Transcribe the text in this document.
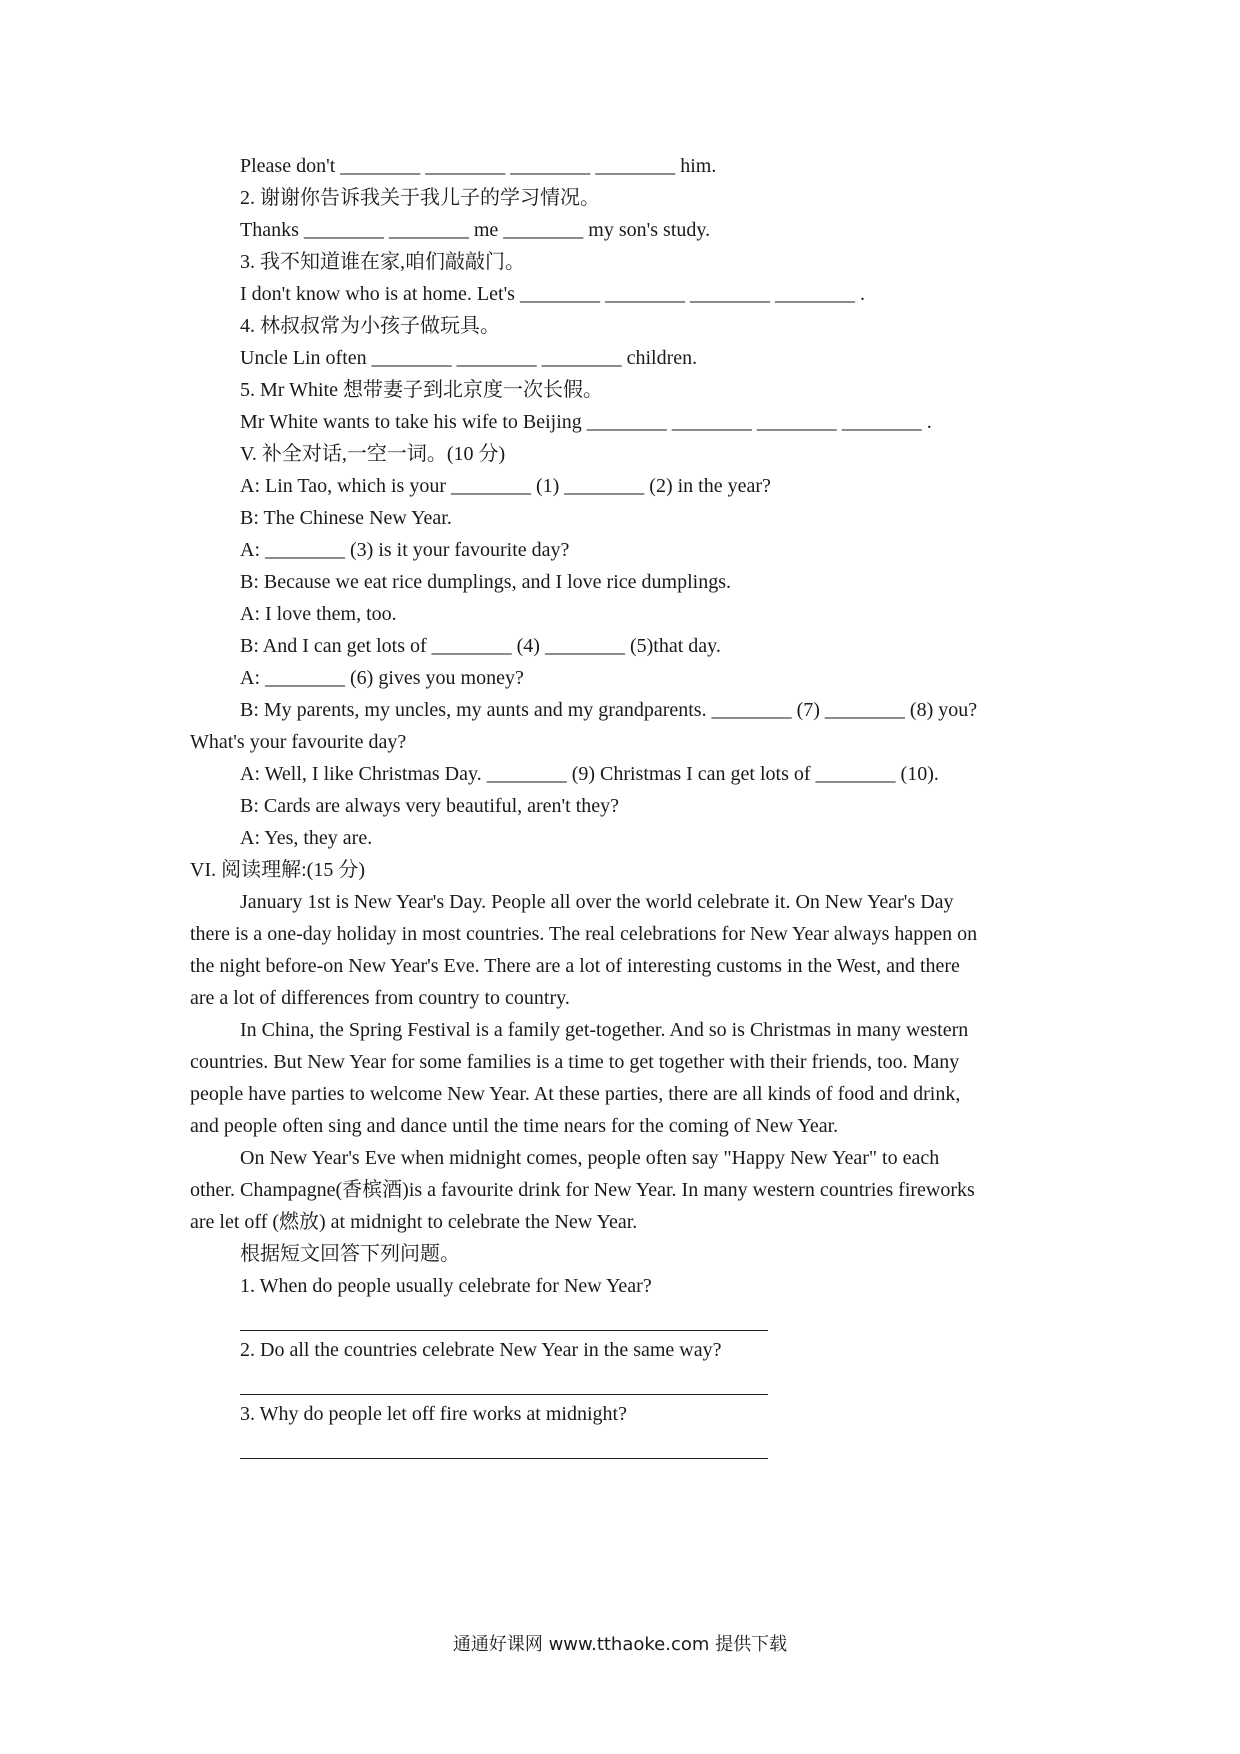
Please don't ________ ________ ________ ________ him.
2. 谢谢你告诉我关于我儿子的学习情况。
Thanks ________ ________ me ________ my son's study.
3. 我不知道谁在家,咱们敲敲门。
I don't know who is at home. Let's ________ ________ ________ ________ .
4. 林叔叔常为小孩子做玩具。
Uncle Lin often ________ ________ ________ children.
5. Mr White 想带妻子到北京度一次长假。
Mr White wants to take his wife to Beijing ________ ________ ________ ________ .
V. 补全对话,一空一词。(10 分)
A: Lin Tao, which is your ________ (1) ________ (2) in the year?
B: The Chinese New Year.
A: ________ (3) is it your favourite day?
B: Because we eat rice dumplings, and I love rice dumplings.
A: I love them, too.
B: And I can get lots of ________ (4) ________ (5)that day.
A: ________ (6) gives you money?
B: My parents, my uncles, my aunts and my grandparents. ________ (7) ________ (8) you?
What's your favourite day?
A: Well, I like Christmas Day. ________ (9) Christmas I can get lots of ________ (10).
B: Cards are always very beautiful, aren't they?
A: Yes, they are.
VI. 阅读理解:(15 分)
January 1st is New Year's Day. People all over the world celebrate it. On New Year's Day
there is a one-day holiday in most countries. The real celebrations for New Year always happen on
the night before-on New Year's Eve. There are a lot of interesting customs in the West, and there
are a lot of differences from country to country.
In China, the Spring Festival is a family get-together. And so is Christmas in many western
countries. But New Year for some families is a time to get together with their friends, too. Many
people have parties to welcome New Year. At these parties, there are all kinds of food and drink,
and people often sing and dance until the time nears for the coming of New Year.
On New Year's Eve when midnight comes, people often say "Happy New Year" to each
other. Champagne(香槟酒)is a favourite drink for New Year. In many western countries fireworks
are let off (燃放) at midnight to celebrate the New Year.
根据短文回答下列问题。
1. When do people usually celebrate for New Year?
2. Do all the countries celebrate New Year in the same way?
3. Why do people let off fire works at midnight?
通通好课网 www.tthaoke.com 提供下载
